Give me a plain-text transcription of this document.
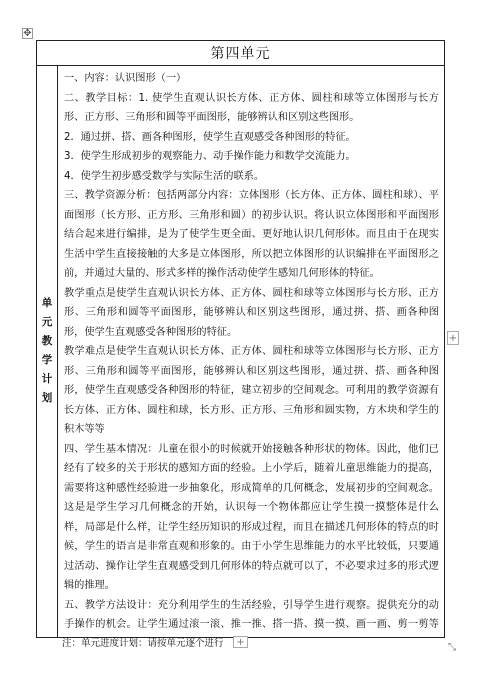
✥
第四单元
单元教学计划

一、内容：认识图形（一）

二、教学目标：1. 使学生直观认识长方体、正方体、圆柱和球等立体图形与长方形、正方形、三角形和圆等平面图形，能够辨认和区别这些图形。

2．通过拼、搭、画各种图形，使学生直观感受各种图形的特征。

3．使学生形成初步的观察能力、动手操作能力和数学交流能力。

4．使学生初步感受数学与实际生活的联系。

三、教学资源分析：包括两部分内容：立体图形（长方体、正方体、圆柱和球）、平面图形（长方形、正方形、三角形和圆）的初步认识。将认识立体图形和平面图形结合起来进行编排，是为了使学生更全面、更好地认识几何形体。而且由于在现实生活中学生直接接触的大多是立体图形，所以把立体图形的认识编排在平面图形之前，并通过大量的、形式多样的操作活动使学生感知几何形体的特征。

教学重点是使学生直观认识长方体、正方体、圆柱和球等立体图形与长方形、正方形、三角形和圆等平面图形，能够辨认和区别这些图形，通过拼、搭、画各种图形，使学生直观感受各种图形的特征。

教学难点是使学生直观认识长方体、正方体、圆柱和球等立体图形与长方形、正方形、三角形和圆等平面图形，能够辨认和区别这些图形，通过拼、搭、画各种图形，使学生直观感受各种图形的特征，建立初步的空间观念。可利用的教学资源有长方体、正方体、圆柱和球，长方形、正方形、三角形和圆实物，方木块和学生的积木等等

四、学生基本情况：儿童在很小的时候就开始接触各种形状的物体。因此，他们已经有了较多的关于形状的感知方面的经验。上小学后，随着儿童思维能力的提高，需要将这种感性经验进一步抽象化，形成简单的几何概念，发展初步的空间观念。这是是学生学习几何概念的开始，认识每一个物体都应让学生摸一摸整体是什么样，局部是什么样，让学生经历知识的形成过程，而且在描述几何形体的特点的时候，学生的语言是非常直观和形象的。由于小学生思维能力的水平比较低，只要通过活动、操作让学生直观感受到几何形体的特点就可以了，不必要求过多的形式逻辑的推理。

五、教学方法设计：充分利用学生的生活经验，引导学生进行观察。提供充分的动手操作的机会。让学生通过滚一滚、推一推、搭一搭、摸一摸、画一画、剪一剪等

+
注：单元进度计划：请按单元逐个进行	+	⤡
